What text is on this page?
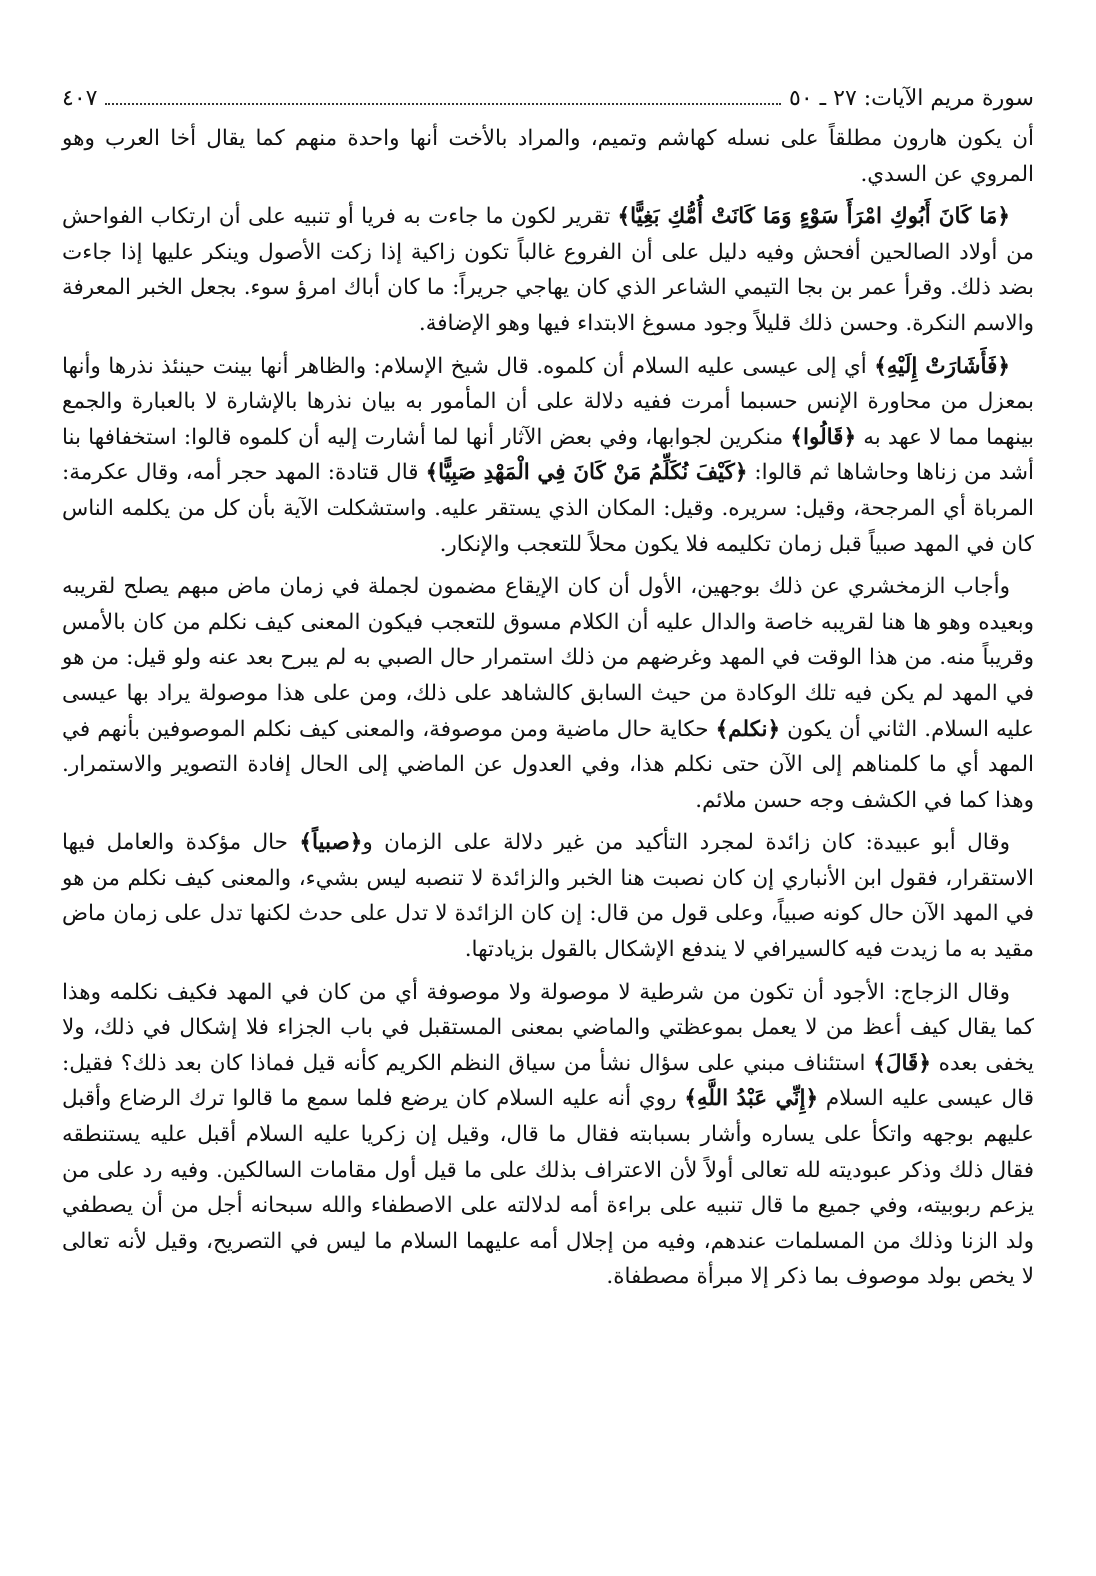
سورة مريم الآيات: ٢٧ ـ ٥٠
٤٠٧

أن يكون هارون مطلقاً على نسله كهاشم وتميم، والمراد بالأخت أنها واحدة منهم كما يقال أخا العرب وهو المروي عن السدي.

﴿مَا كَانَ أَبُوكِ امْرَأَ سَوْءٍ وَمَا كَانَتْ أُمُّكِ بَغِيًّا﴾ تقرير لكون ما جاءت به فريا أو تنبيه على أن ارتكاب الفواحش من أولاد الصالحين أفحش وفيه دليل على أن الفروع غالباً تكون زاكية إذا زكت الأصول وينكر عليها إذا جاءت بضد ذلك. وقرأ عمر بن بجا التيمي الشاعر الذي كان يهاجي جريراً: ما كان أباك امرؤ سوء. بجعل الخبر المعرفة والاسم النكرة. وحسن ذلك قليلاً وجود مسوغ الابتداء فيها وهو الإضافة.

﴿فَأَشَارَتْ إِلَيْهِ﴾ أي إلى عيسى عليه السلام أن كلموه. قال شيخ الإسلام: والظاهر أنها بينت حينئذ نذرها وأنها بمعزل من محاورة الإنس حسبما أمرت ففيه دلالة على أن المأمور به بيان نذرها بالإشارة لا بالعبارة والجمع بينهما مما لا عهد به ﴿قَالُوا﴾ منكرين لجوابها، وفي بعض الآثار أنها لما أشارت إليه أن كلموه قالوا: استخفافها بنا أشد من زناها وحاشاها ثم قالوا: ﴿كَيْفَ نُكَلِّمُ مَنْ كَانَ فِي الْمَهْدِ صَبِيًّا﴾ قال قتادة: المهد حجر أمه، وقال عكرمة: المرباة أي المرجحة، وقيل: سريره. وقيل: المكان الذي يستقر عليه. واستشكلت الآية بأن كل من يكلمه الناس كان في المهد صبياً قبل زمان تكليمه فلا يكون محلاً للتعجب والإنكار.

وأجاب الزمخشري عن ذلك بوجهين، الأول أن كان الإيقاع مضمون لجملة في زمان ماض مبهم يصلح لقريبه وبعيده وهو ها هنا لقريبه خاصة والدال عليه أن الكلام مسوق للتعجب فيكون المعنى كيف نكلم من كان بالأمس وقريباً منه. من هذا الوقت في المهد وغرضهم من ذلك استمرار حال الصبي به لم يبرح بعد عنه ولو قيل: من هو في المهد لم يكن فيه تلك الوكادة من حيث السابق كالشاهد على ذلك، ومن على هذا موصولة يراد بها عيسى عليه السلام. الثاني أن يكون ﴿نكلم﴾ حكاية حال ماضية ومن موصوفة، والمعنى كيف نكلم الموصوفين بأنهم في المهد أي ما كلمناهم إلى الآن حتى نكلم هذا، وفي العدول عن الماضي إلى الحال إفادة التصوير والاستمرار. وهذا كما في الكشف وجه حسن ملائم.

وقال أبو عبيدة: كان زائدة لمجرد التأكيد من غير دلالة على الزمان و﴿صبياً﴾ حال مؤكدة والعامل فيها الاستقرار، فقول ابن الأنباري إن كان نصبت هنا الخبر والزائدة لا تنصبه ليس بشيء، والمعنى كيف نكلم من هو في المهد الآن حال كونه صبياً، وعلى قول من قال: إن كان الزائدة لا تدل على حدث لكنها تدل على زمان ماض مقيد به ما زيدت فيه كالسيرافي لا يندفع الإشكال بالقول بزيادتها.

وقال الزجاج: الأجود أن تكون من شرطية لا موصولة ولا موصوفة أي من كان في المهد فكيف نكلمه وهذا كما يقال كيف أعظ من لا يعمل بموعظتي والماضي بمعنى المستقبل في باب الجزاء فلا إشكال في ذلك، ولا يخفى بعده ﴿قَالَ﴾ استئناف مبني على سؤال نشأ من سياق النظم الكريم كأنه قيل فماذا كان بعد ذلك؟ فقيل: قال عيسى عليه السلام ﴿إِنِّي عَبْدُ اللَّهِ﴾ روي أنه عليه السلام كان يرضع فلما سمع ما قالوا ترك الرضاع وأقبل عليهم بوجهه واتكأ على يساره وأشار بسبابته فقال ما قال، وقيل إن زكريا عليه السلام أقبل عليه يستنطقه فقال ذلك وذكر عبوديته لله تعالى أولاً لأن الاعتراف بذلك على ما قيل أول مقامات السالكين. وفيه رد على من يزعم ربوبيته، وفي جميع ما قال تنبيه على براءة أمه لدلالته على الاصطفاء والله سبحانه أجل من أن يصطفي ولد الزنا وذلك من المسلمات عندهم، وفيه من إجلال أمه عليهما السلام ما ليس في التصريح، وقيل لأنه تعالى لا يخص بولد موصوف بما ذكر إلا مبرأة مصطفاة.
